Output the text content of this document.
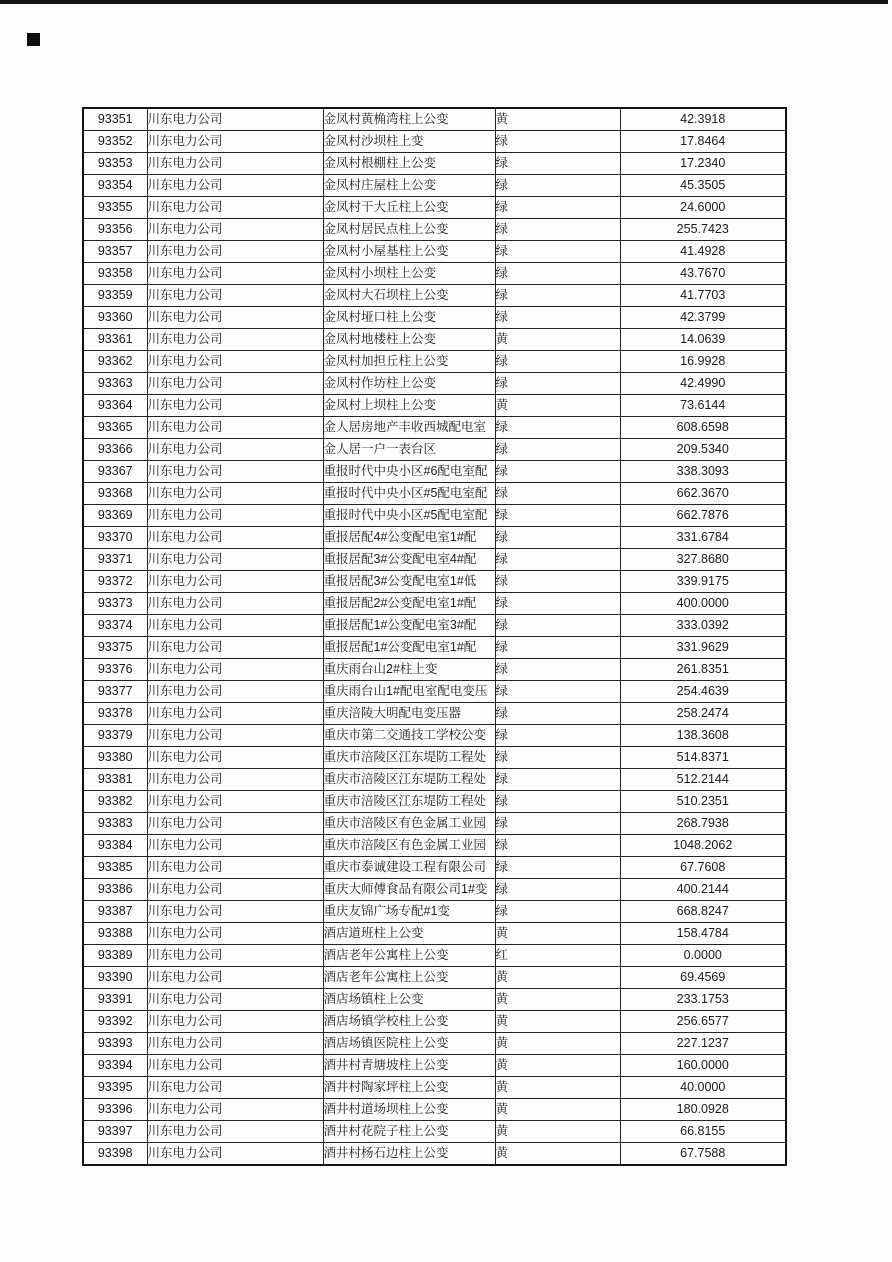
93351	川东电力公司	金凤村黄桷湾柱上公变	黄	42.3918
93352	川东电力公司	金凤村沙坝柱上变	绿	17.8464
93353	川东电力公司	金凤村根棚柱上公变	绿	17.2340
93354	川东电力公司	金凤村庄屋柱上公变	绿	45.3505
93355	川东电力公司	金凤村干大丘柱上公变	绿	24.6000
93356	川东电力公司	金凤村居民点柱上公变	绿	255.7423
93357	川东电力公司	金凤村小屋基柱上公变	绿	41.4928
93358	川东电力公司	金凤村小坝柱上公变	绿	43.7670
93359	川东电力公司	金凤村大石坝柱上公变	绿	41.7703
93360	川东电力公司	金凤村垭口柱上公变	绿	42.3799
93361	川东电力公司	金凤村地楼柱上公变	黄	14.0639
93362	川东电力公司	金凤村加担丘柱上公变	绿	16.9928
93363	川东电力公司	金凤村作坊柱上公变	绿	42.4990
93364	川东电力公司	金凤村上坝柱上公变	黄	73.6144
93365	川东电力公司	金人居房地产丰收西城配电室	绿	608.6598
93366	川东电力公司	金人居一户一表台区	绿	209.5340
93367	川东电力公司	重报时代中央小区#6配电室配	绿	338.3093
93368	川东电力公司	重报时代中央小区#5配电室配	绿	662.3670
93369	川东电力公司	重报时代中央小区#5配电室配	绿	662.7876
93370	川东电力公司	重报居配4#公变配电室1#配	绿	331.6784
93371	川东电力公司	重报居配3#公变配电室4#配	绿	327.8680
93372	川东电力公司	重报居配3#公变配电室1#低	绿	339.9175
93373	川东电力公司	重报居配2#公变配电室1#配	绿	400.0000
93374	川东电力公司	重报居配1#公变配电室3#配	绿	333.0392
93375	川东电力公司	重报居配1#公变配电室1#配	绿	331.9629
93376	川东电力公司	重庆雨台山2#柱上变	绿	261.8351
93377	川东电力公司	重庆雨台山1#配电室配电变压	绿	254.4639
93378	川东电力公司	重庆涪陵大明配电变压器	绿	258.2474
93379	川东电力公司	重庆市第二交通技工学校公变	绿	138.3608
93380	川东电力公司	重庆市涪陵区江东堤防工程处	绿	514.8371
93381	川东电力公司	重庆市涪陵区江东堤防工程处	绿	512.2144
93382	川东电力公司	重庆市涪陵区江东堤防工程处	绿	510.2351
93383	川东电力公司	重庆市涪陵区有色金属工业园	绿	268.7938
93384	川东电力公司	重庆市涪陵区有色金属工业园	绿	1048.2062
93385	川东电力公司	重庆市泰诚建设工程有限公司	绿	67.7608
93386	川东电力公司	重庆大师傅食品有限公司1#变	绿	400.2144
93387	川东电力公司	重庆友锦广场专配#1变	绿	668.8247
93388	川东电力公司	酒店道班柱上公变	黄	158.4784
93389	川东电力公司	酒店老年公寓柱上公变	红	0.0000
93390	川东电力公司	酒店老年公寓柱上公变	黄	69.4569
93391	川东电力公司	酒店场镇柱上公变	黄	233.1753
93392	川东电力公司	酒店场镇学校柱上公变	黄	256.6577
93393	川东电力公司	酒店场镇医院柱上公变	黄	227.1237
93394	川东电力公司	酒井村青塘坡柱上公变	黄	160.0000
93395	川东电力公司	酒井村陶家坪柱上公变	黄	40.0000
93396	川东电力公司	酒井村道场坝柱上公变	黄	180.0928
93397	川东电力公司	酒井村花院子柱上公变	黄	66.8155
93398	川东电力公司	酒井村杨石边柱上公变	黄	67.7588
